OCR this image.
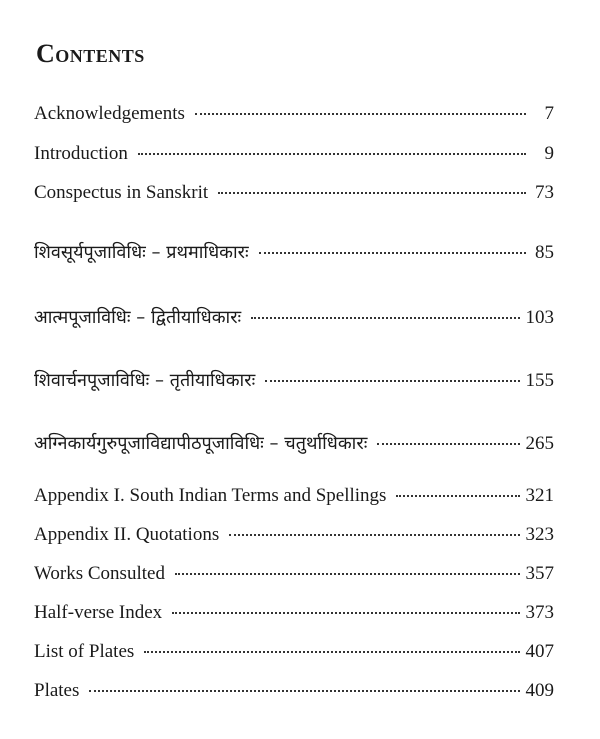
Contents
Acknowledgements	7
Introduction	9
Conspectus in Sanskrit	73
शिवसूर्यपूजाविधिः – प्रथमाधिकारः	85
आत्मपूजाविधिः – द्वितीयाधिकारः	103
शिवार्चनपूजाविधिः – तृतीयाधिकारः	155
अग्निकार्यगुरुपूजाविद्यापीठपूजाविधिः – चतुर्थाधिकारः	265
Appendix I. South Indian Terms and Spellings	321
Appendix II. Quotations	323
Works Consulted	357
Half-verse Index	373
List of Plates	407
Plates	409
